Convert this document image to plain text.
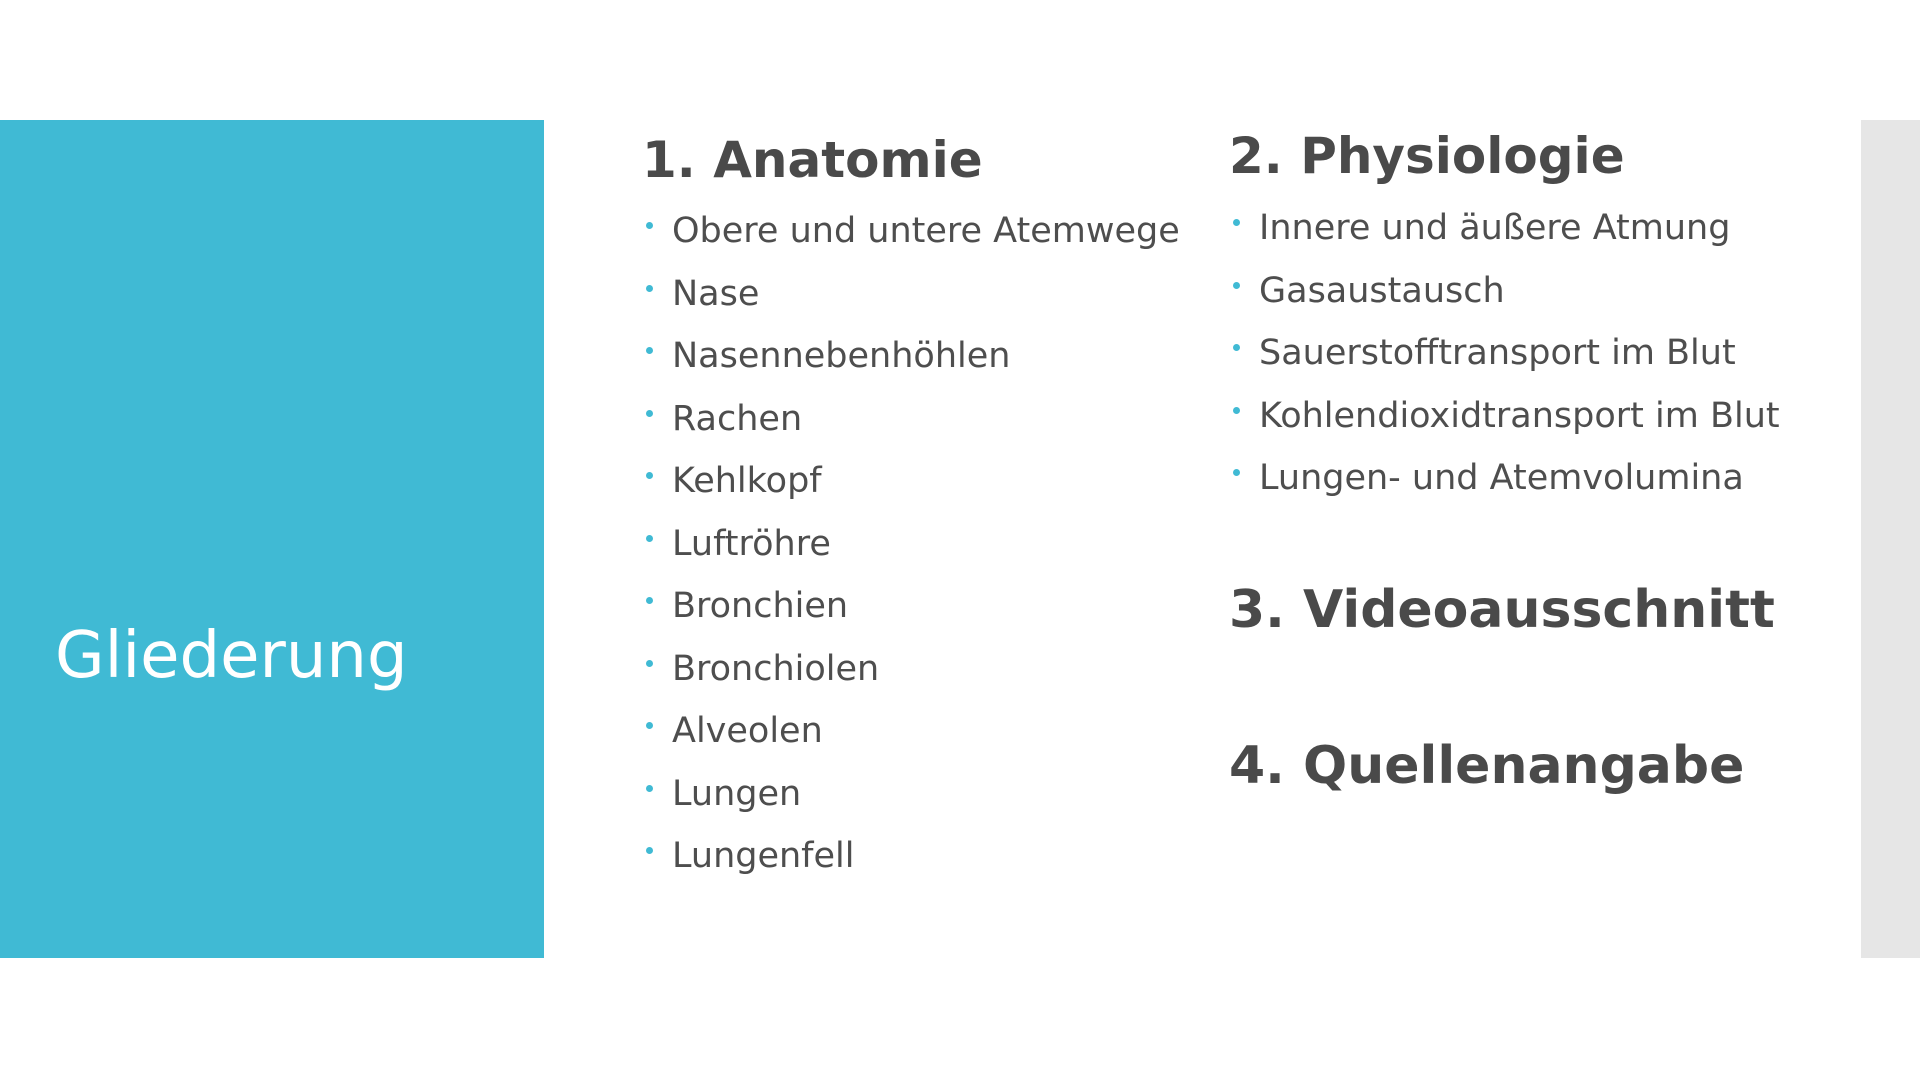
Gliederung
1. Anatomie
Obere und untere Atemwege
Nase
Nasennebenhöhlen
Rachen
Kehlkopf
Luftröhre
Bronchien
Bronchiolen
Alveolen
Lungen
Lungenfell
2. Physiologie
Innere und äußere Atmung
Gasaustausch
Sauerstofftransport im Blut
Kohlendioxidtransport im Blut
Lungen- und Atemvolumina
3. Videoausschnitt
4. Quellenangabe
